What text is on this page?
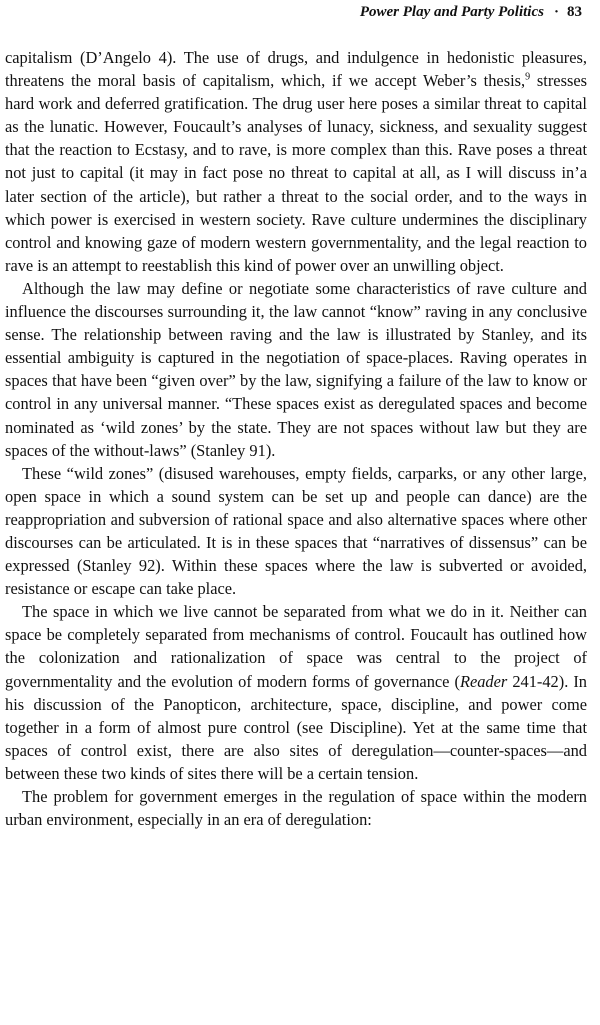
Power Play and Party Politics · 83

capitalism (D’Angelo 4). The use of drugs, and indulgence in hedonistic pleasures, threatens the moral basis of capitalism, which, if we accept Weber’s thesis,$^9$ stresses hard work and deferred gratification. The drug user here poses a similar threat to capital as the lunatic. However, Foucault’s analyses of lunacy, sickness, and sexuality suggest that the reaction to Ecstasy, and to rave, is more complex than this. Rave poses a threat not just to capital (it may in fact pose no threat to capital at all, as I will discuss in’a later section of the article), but rather a threat to the social order, and to the ways in which power is exercised in western society. Rave culture undermines the disciplinary control and knowing gaze of modern western governmentality, and the legal reaction to rave is an attempt to reestablish this kind of power over an unwilling object.

Although the law may define or negotiate some characteristics of rave culture and influence the discourses surrounding it, the law cannot “know” raving in any conclusive sense. The relationship between raving and the law is illustrated by Stanley, and its essential ambiguity is captured in the negotiation of space-places. Raving operates in spaces that have been “given over” by the law, signifying a failure of the law to know or control in any universal manner. “These spaces exist as deregulated spaces and become nominated as ‘wild zones’ by the state. They are not spaces without law but they are spaces of the without-laws” (Stanley 91).

These “wild zones” (disused warehouses, empty fields, carparks, or any other large, open space in which a sound system can be set up and people can dance) are the reappropriation and subversion of rational space and also alternative spaces where other discourses can be articulated. It is in these spaces that “narratives of dissensus” can be expressed (Stanley 92). Within these spaces where the law is subverted or avoided, resistance or escape can take place.

The space in which we live cannot be separated from what we do in it. Neither can space be completely separated from mechanisms of control. Foucault has outlined how the colonization and rationalization of space was central to the project of governmentality and the evolution of modern forms of governance (Reader 241-42). In his discussion of the Panopticon, architecture, space, discipline, and power come together in a form of almost pure control (see Discipline). Yet at the same time that spaces of control exist, there are also sites of deregulation—counter-spaces—and between these two kinds of sites there will be a certain tension.

The problem for government emerges in the regulation of space within the modern urban environment, especially in an era of deregulation:
